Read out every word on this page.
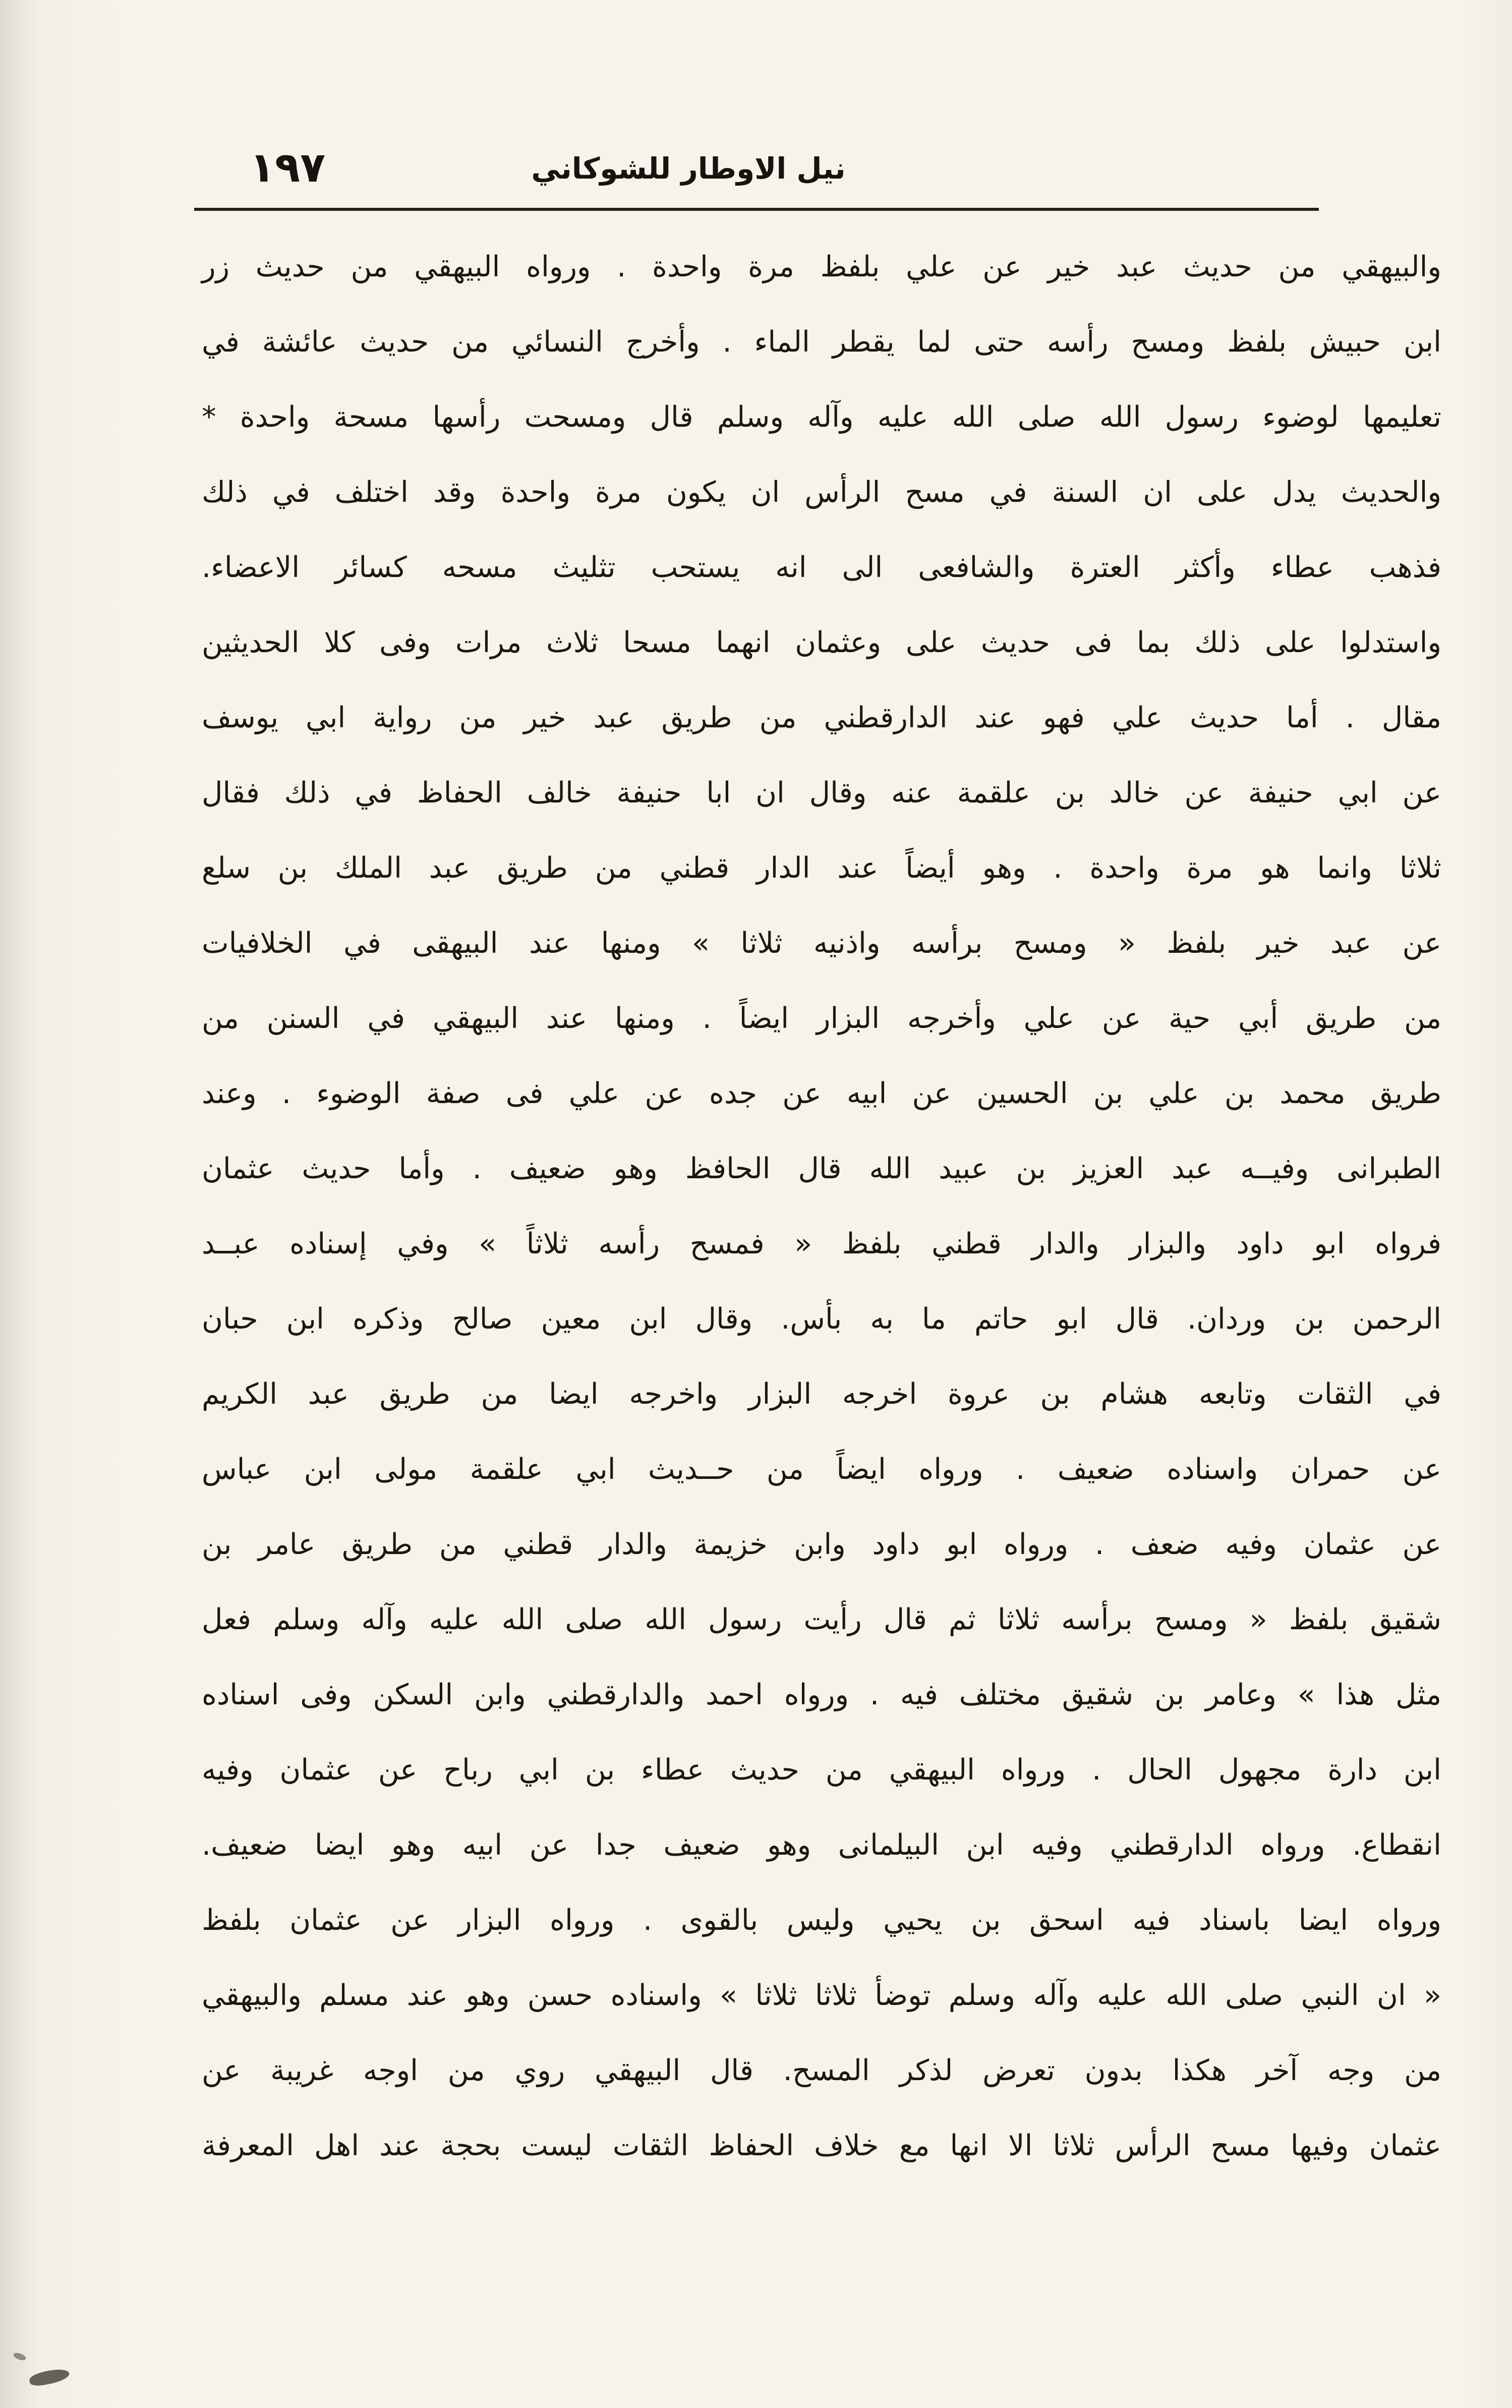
١٩٧	نيل الاوطار للشوكاني

والبيهقي من حديث عبد خير عن علي بلفظ مرة واحدة . ورواه البيهقي من حديث زر

ابن حبيش بلفظ ومسح رأسه حتى لما يقطر الماء . وأخرج النسائي من حديث عائشة في

تعليمها لوضوء رسول الله صلى الله عليه وآله وسلم قال ومسحت رأسها مسحة واحدة *

والحديث يدل على ان السنة في مسح الرأس ان يكون مرة واحدة وقد اختلف في ذلك

فذهب عطاء وأكثر العترة والشافعى الى انه يستحب تثليث مسحه كسائر الاعضاء.

واستدلوا على ذلك بما فى حديث على وعثمان انهما مسحا ثلاث مرات وفى كلا الحديثين

مقال . أما حديث علي فهو عند الدارقطني من طريق عبد خير من رواية ابي يوسف

عن ابي حنيفة عن خالد بن علقمة عنه وقال ان ابا حنيفة خالف الحفاظ في ذلك فقال

ثلاثا وانما هو مرة واحدة . وهو أيضاً عند الدار قطني من طريق عبد الملك بن سلع

عن عبد خير بلفظ « ومسح برأسه واذنيه ثلاثا » ومنها عند البيهقى في الخلافيات

من طريق أبي حية عن علي وأخرجه البزار ايضاً . ومنها عند البيهقي في السنن من

طريق محمد بن علي بن الحسين عن ابيه عن جده عن علي فى صفة الوضوء . وعند

الطبرانى وفيــه عبد العزيز بن عبيد الله قال الحافظ وهو ضعيف . وأما حديث عثمان

فرواه ابو داود والبزار والدار قطني بلفظ « فمسح رأسه ثلاثاً » وفي إسناده عبــد

الرحمن بن وردان. قال ابو حاتم ما به بأس. وقال ابن معين صالح وذكره ابن حبان

في الثقات وتابعه هشام بن عروة اخرجه البزار واخرجه ايضا من طريق عبد الكريم

عن حمران واسناده ضعيف . ورواه ايضاً من حــديث ابي علقمة مولى ابن عباس

عن عثمان وفيه ضعف . ورواه ابو داود وابن خزيمة والدار قطني من طريق عامر بن

شقيق بلفظ « ومسح برأسه ثلاثا ثم قال رأيت رسول الله صلى الله عليه وآله وسلم فعل

مثل هذا » وعامر بن شقيق مختلف فيه . ورواه احمد والدارقطني وابن السكن وفى اسناده

ابن دارة مجهول الحال . ورواه البيهقي من حديث عطاء بن ابي رباح عن عثمان وفيه

انقطاع. ورواه الدارقطني وفيه ابن البيلمانى وهو ضعيف جدا عن ابيه وهو ايضا ضعيف.

ورواه ايضا باسناد فيه اسحق بن يحيي وليس بالقوى . ورواه البزار عن عثمان بلفظ

« ان النبي صلى الله عليه وآله وسلم توضأ ثلاثا ثلاثا » واسناده حسن وهو عند مسلم والبيهقي

من وجه آخر هكذا بدون تعرض لذكر المسح. قال البيهقي روي من اوجه غريبة عن

عثمان وفيها مسح الرأس ثلاثا الا انها مع خلاف الحفاظ الثقات ليست بحجة عند اهل المعرفة
